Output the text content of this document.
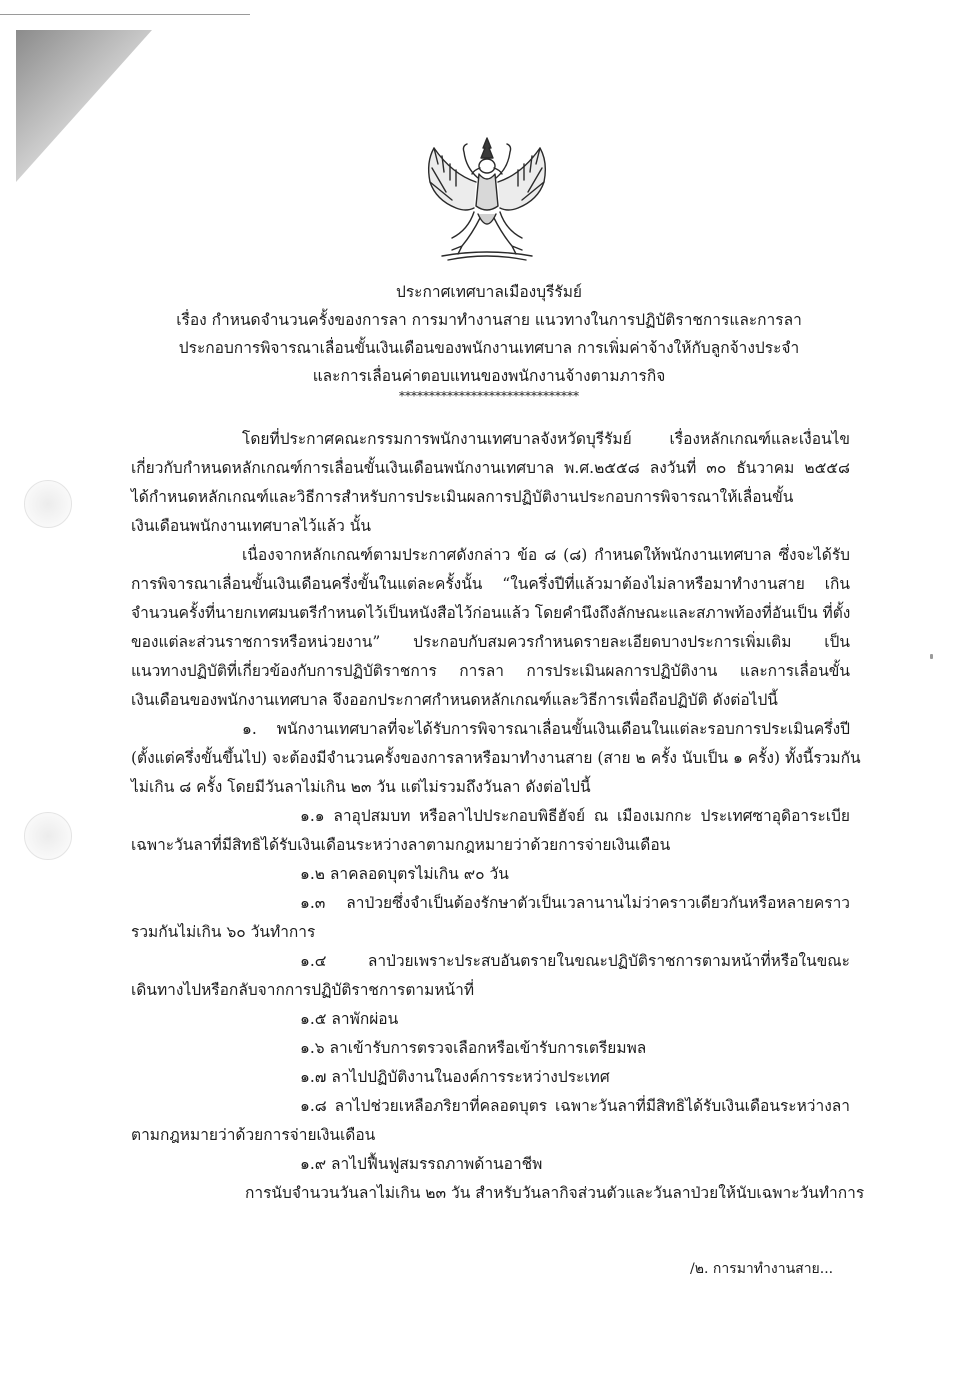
ประกาศเทศบาลเมืองบุรีรัมย์
เรื่อง กำหนดจำนวนครั้งของการลา การมาทำงานสาย แนวทางในการปฏิบัติราชการและการลา
ประกอบการพิจารณาเลื่อนขั้นเงินเดือนของพนักงานเทศบาล การเพิ่มค่าจ้างให้กับลูกจ้างประจำ
และการเลื่อนค่าตอบแทนของพนักงานจ้างตามภารกิจ
******************************
โดยที่ประกาศคณะกรรมการพนักงานเทศบาลจังหวัดบุรีรัมย์ เรื่องหลักเกณฑ์และเงื่อนไข
เกี่ยวกับกำหนดหลักเกณฑ์การเลื่อนขั้นเงินเดือนพนักงานเทศบาล พ.ศ.๒๕๕๘ ลงวันที่ ๓๐ ธันวาคม ๒๕๕๘
ได้กำหนดหลักเกณฑ์และวิธีการสำหรับการประเมินผลการปฏิบัติงานประกอบการพิจารณาให้เลื่อนขั้น
เงินเดือนพนักงานเทศบาลไว้แล้ว นั้น
เนื่องจากหลักเกณฑ์ตามประกาศดังกล่าว ข้อ ๘ (๘) กำหนดให้พนักงานเทศบาล ซึ่งจะได้รับ
การพิจารณาเลื่อนขั้นเงินเดือนครึ่งขั้นในแต่ละครั้งนั้น “ในครึ่งปีที่แล้วมาต้องไม่ลาหรือมาทำงานสาย เกิน
จำนวนครั้งที่นายกเทศมนตรีกำหนดไว้เป็นหนังสือไว้ก่อนแล้ว โดยคำนึงถึงลักษณะและสภาพท้องที่อันเป็น ที่ตั้ง
ของแต่ละส่วนราชการหรือหน่วยงาน” ประกอบกับสมควรกำหนดรายละเอียดบางประการเพิ่มเติม เป็น
แนวทางปฏิบัติที่เกี่ยวข้องกับการปฏิบัติราชการ การลา การประเมินผลการปฏิบัติงาน และการเลื่อนขั้น
เงินเดือนของพนักงานเทศบาล จึงออกประกาศกำหนดหลักเกณฑ์และวิธีการเพื่อถือปฏิบัติ ดังต่อไปนี้
๑. พนักงานเทศบาลที่จะได้รับการพิจารณาเลื่อนขั้นเงินเดือนในแต่ละรอบการประเมินครึ่งปี
(ตั้งแต่ครึ่งขั้นขึ้นไป) จะต้องมีจำนวนครั้งของการลาหรือมาทำงานสาย (สาย ๒ ครั้ง นับเป็น ๑ ครั้ง) ทั้งนี้รวมกัน
ไม่เกิน ๘ ครั้ง โดยมีวันลาไม่เกิน ๒๓ วัน แต่ไม่รวมถึงวันลา ดังต่อไปนี้
๑.๑ ลาอุปสมบท หรือลาไปประกอบพิธีฮัจย์ ณ เมืองเมกกะ ประเทศซาอุดิอาระเบีย
เฉพาะวันลาที่มีสิทธิได้รับเงินเดือนระหว่างลาตามกฎหมายว่าด้วยการจ่ายเงินเดือน
๑.๒ ลาคลอดบุตรไม่เกิน ๙๐ วัน
๑.๓ ลาป่วยซึ่งจำเป็นต้องรักษาตัวเป็นเวลานานไม่ว่าคราวเดียวกันหรือหลายคราว
รวมกันไม่เกิน ๖๐ วันทำการ
๑.๔ ลาป่วยเพราะประสบอันตรายในขณะปฏิบัติราชการตามหน้าที่หรือในขณะ
เดินทางไปหรือกลับจากการปฏิบัติราชการตามหน้าที่
๑.๕ ลาพักผ่อน
๑.๖ ลาเข้ารับการตรวจเลือกหรือเข้ารับการเตรียมพล
๑.๗ ลาไปปฏิบัติงานในองค์การระหว่างประเทศ
๑.๘ ลาไปช่วยเหลือภริยาที่คลอดบุตร เฉพาะวันลาที่มีสิทธิได้รับเงินเดือนระหว่างลา
ตามกฎหมายว่าด้วยการจ่ายเงินเดือน
๑.๙ ลาไปฟื้นฟูสมรรถภาพด้านอาชีพ
การนับจำนวนวันลาไม่เกิน ๒๓ วัน สำหรับวันลากิจส่วนตัวและวันลาป่วยให้นับเฉพาะวันทำการ
/๒. การมาทำงานสาย...
